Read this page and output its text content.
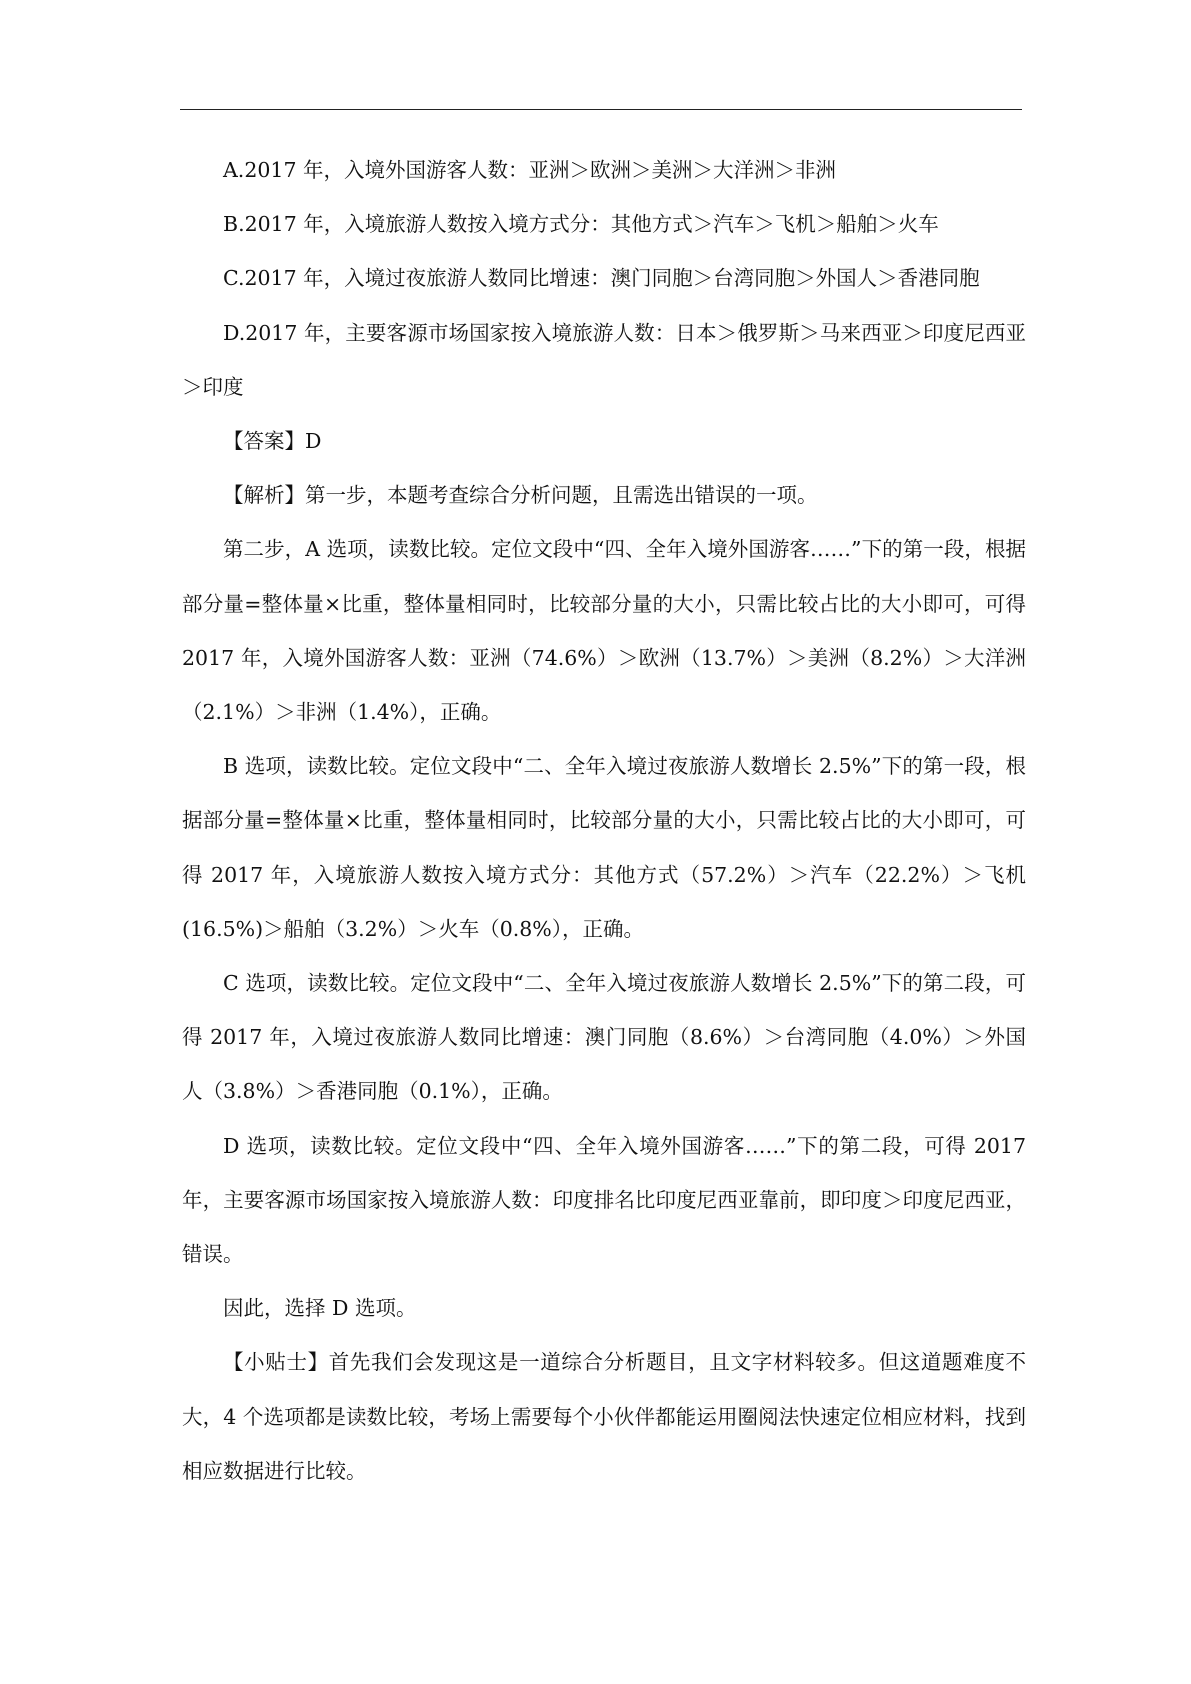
A.2017 年，入境外国游客人数：亚洲＞欧洲＞美洲＞大洋洲＞非洲

B.2017 年，入境旅游人数按入境方式分：其他方式＞汽车＞飞机＞船舶＞火车

C.2017 年，入境过夜旅游人数同比增速：澳门同胞＞台湾同胞＞外国人＞香港同胞

D.2017 年，主要客源市场国家按入境旅游人数：日本＞俄罗斯＞马来西亚＞印度尼西亚＞印度

【答案】D

【解析】第一步，本题考查综合分析问题，且需选出错误的一项。

第二步，A 选项，读数比较。定位文段中“四、全年入境外国游客……”下的第一段，根据部分量=整体量×比重，整体量相同时，比较部分量的大小，只需比较占比的大小即可，可得 2017 年，入境外国游客人数：亚洲（74.6%）＞欧洲（13.7%）＞美洲（8.2%）＞大洋洲（2.1%）＞非洲（1.4%），正确。

B 选项，读数比较。定位文段中“二、全年入境过夜旅游人数增长 2.5%”下的第一段，根据部分量=整体量×比重，整体量相同时，比较部分量的大小，只需比较占比的大小即可，可得 2017 年，入境旅游人数按入境方式分：其他方式（57.2%）＞汽车（22.2%）＞飞机(16.5%)＞船舶（3.2%）＞火车（0.8%），正确。

C 选项，读数比较。定位文段中“二、全年入境过夜旅游人数增长 2.5%”下的第二段，可得 2017 年，入境过夜旅游人数同比增速：澳门同胞（8.6%）＞台湾同胞（4.0%）＞外国人（3.8%）＞香港同胞（0.1%），正确。

D 选项，读数比较。定位文段中“四、全年入境外国游客……”下的第二段，可得 2017 年，主要客源市场国家按入境旅游人数：印度排名比印度尼西亚靠前，即印度＞印度尼西亚，错误。

因此，选择 D 选项。

【小贴士】首先我们会发现这是一道综合分析题目，且文字材料较多。但这道题难度不大，4 个选项都是读数比较，考场上需要每个小伙伴都能运用圈阅法快速定位相应材料，找到相应数据进行比较。
